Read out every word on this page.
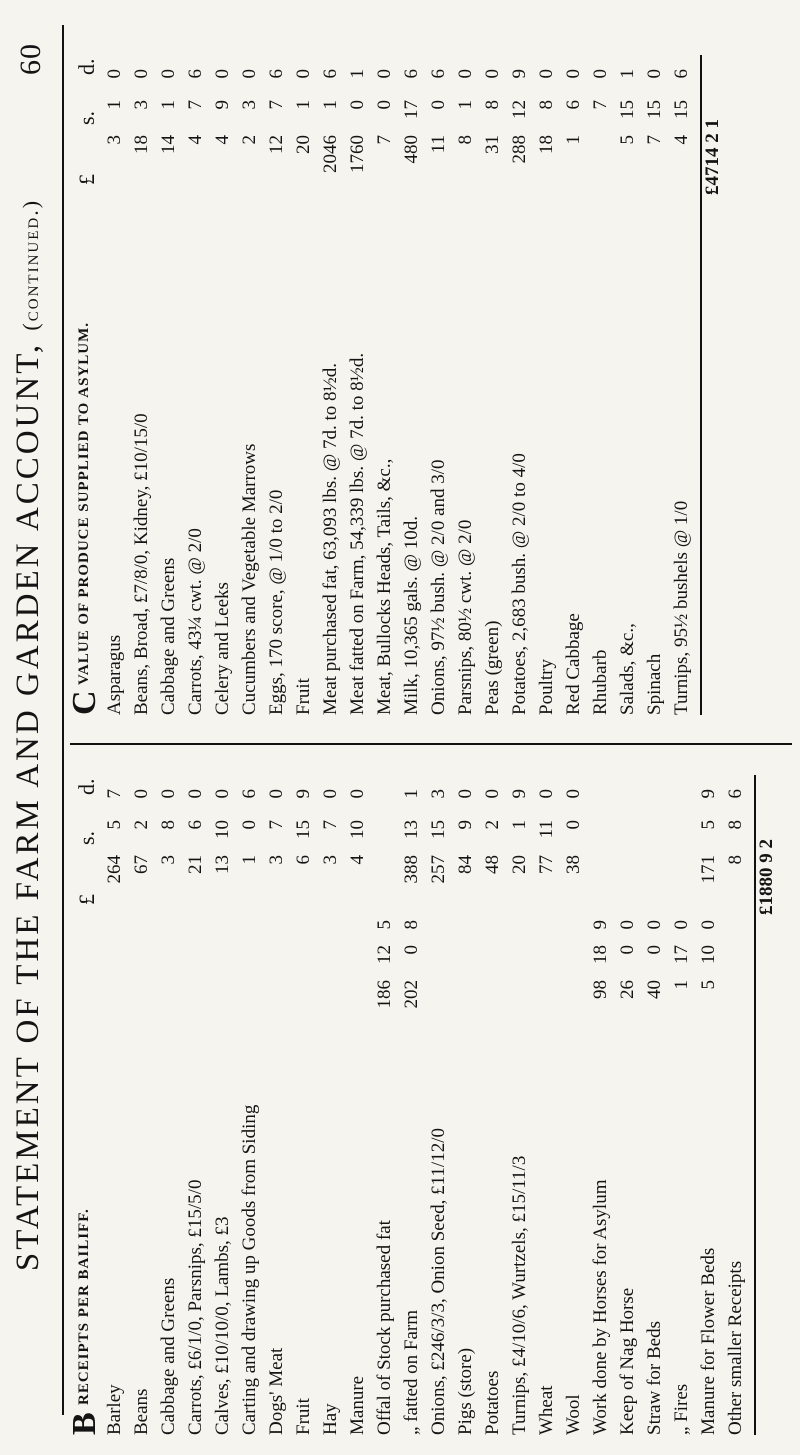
60
STATEMENT OF THE FARM AND GARDEN ACCOUNT, (continued.)
B
RECEIPTS PER BAILIFF.
£
s.
d.
Barley
264
5
7
Beans
67
2
0
Cabbage and Greens
3
8
0
Carrots, £6/1/0, Parsnips, £15/5/0
21
6
0
Calves, £10/10/0, Lambs, £3
13
10
0
Carting and drawing up Goods from Siding
1
0
6
Dogs' Meat
3
7
0
Fruit
6
15
9
Hay
3
7
0
Manure
4
10
0
Offal of Stock purchased fat
186
12
5
„ fatted on Farm
202
0
8
388
13
1
Onions, £246/3/3, Onion Seed, £11/12/0
257
15
3
Pigs (store)
84
9
0
Potatoes
48
2
0
Turnips, £4/10/6, Wurtzels, £15/11/3
20
1
9
Wheat
77
11
0
Wool
38
0
0
Work done by Horses for Asylum
98
18
9
Keep of Nag Horse
26
0
0
Straw for Beds
40
0
0
„ Fires
1
17
0
Manure for Flower Beds
5
10
0
171
5
9
Other smaller Receipts
8
8
6
£1880 9 2
C
VALUE OF PRODUCE SUPPLIED TO ASYLUM.
£
s.
d.
Asparagus
3
1
0
Beans, Broad, £7/8/0, Kidney, £10/15/0
18
3
0
Cabbage and Greens
14
1
0
Carrots, 43¼ cwt. @ 2/0
4
7
6
Celery and Leeks
4
9
0
Cucumbers and Vegetable Marrows
2
3
0
Eggs, 170 score, @ 1/0 to 2/0
12
7
6
Fruit
20
1
0
Meat purchased fat, 63,093 lbs. @ 7d. to 8½d.
2046
1
6
Meat fatted on Farm, 54,339 lbs. @ 7d. to 8½d.
1760
0
1
Meat, Bullocks Heads, Tails, &c.,
7
0
0
Milk, 10,365 gals. @ 10d.
480
17
6
Onions, 97½ bush. @ 2/0 and 3/0
11
0
6
Parsnips, 80½ cwt. @ 2/0
8
1
0
Peas (green)
31
8
0
Potatoes, 2,683 bush. @ 2/0 to 4/0
288
12
9
Poultry
18
8
0
Red Cabbage
1
6
0
Rhubarb
7
0
Salads, &c.,
5
15
1
Spinach
7
15
0
Turnips, 95½ bushels @ 1/0
4
15
6
£4714 2 1
